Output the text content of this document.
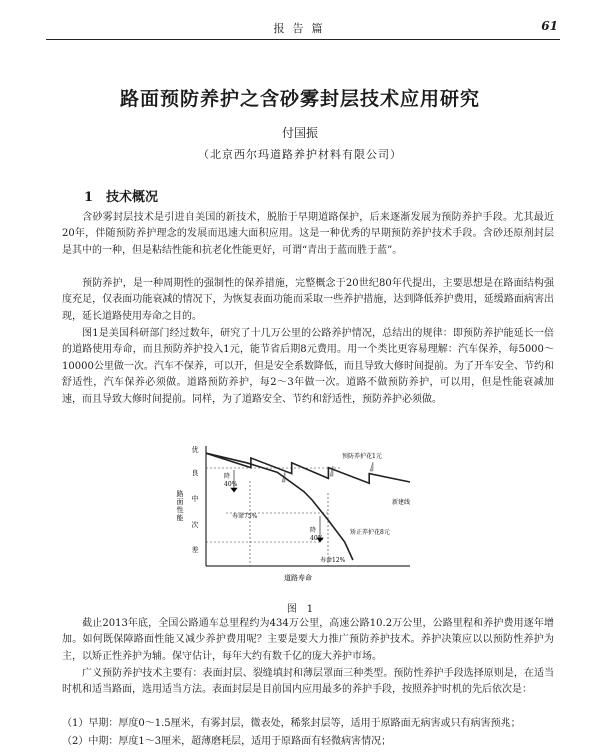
报告篇	61
路面预防养护之含砂雾封层技术应用研究
付国振
（北京西尔玛道路养护材料有限公司）
1 技术概况

含砂雾封层技术是引进自美国的新技术，脱胎于早期道路保护，后来逐渐发展为预防养护手段。尤其最近20年，伴随预防养护理念的发展而迅速大面积应用。这是一种优秀的早期预防养护技术手段。含砂还原剂封层是其中的一种，但是粘结性能和抗老化性能更好，可谓“青出于蓝而胜于蓝”。

预防养护，是一种周期性的强制性的保养措施，完整概念于20世纪80年代提出，主要思想是在路面结构强度充足，仅表面功能衰减的情况下，为恢复表面功能而采取一些养护措施，达到降低养护费用，延缓路面病害出现，延长道路使用寿命之目的。

图1是美国科研部门经过数年，研究了十几万公里的公路养护情况，总结出的规律：即预防养护能延长一倍的道路使用寿命，而且预防养护投入1元，能节省后期8元费用。用一个类比更容易理解：汽车保养，每5000～10000公里做一次。汽车不保养，可以开，但是安全系数降低，而且导致大修时间提前。为了开车安全、节约和舒适性，汽车保养必须做。道路预防养护，每2～3年做一次。道路不做预防养护，可以用，但是性能衰减加速，而且导致大修时间提前。同样，为了道路安全、节约和舒适性，预防养护必须做。

优
良
中
次
差
路面性能
道路寿命
预防养护花1元
降
40%
寿命75%
新建线
降
40%
矫正养护花8元
寿命12%
图　1

截止2013年底，全国公路通车总里程约为434万公里，高速公路10.2万公里，公路里程和养护费用逐年增加。如何既保障路面性能又减少养护费用呢？主要是要大力推广预防养护技术。养护决策应以以预防性养护为主，以矫正性养护为辅。保守估计，每年大约有数千亿的庞大养护市场。

广义预防养护技术主要有：表面封层、裂缝填封和薄层罩面三种类型。预防性养护手段选择原则是，在适当时机和适当路面，选用适当方法。表面封层是目前国内应用最多的养护手段，按照养护时机的先后依次是：

（1）早期：厚度0～1.5厘米，有雾封层，微表处，稀浆封层等，适用于原路面无病害或只有病害预兆；
（2）中期：厚度1～3厘米，超薄磨耗层，适用于原路面有轻微病害情况；
